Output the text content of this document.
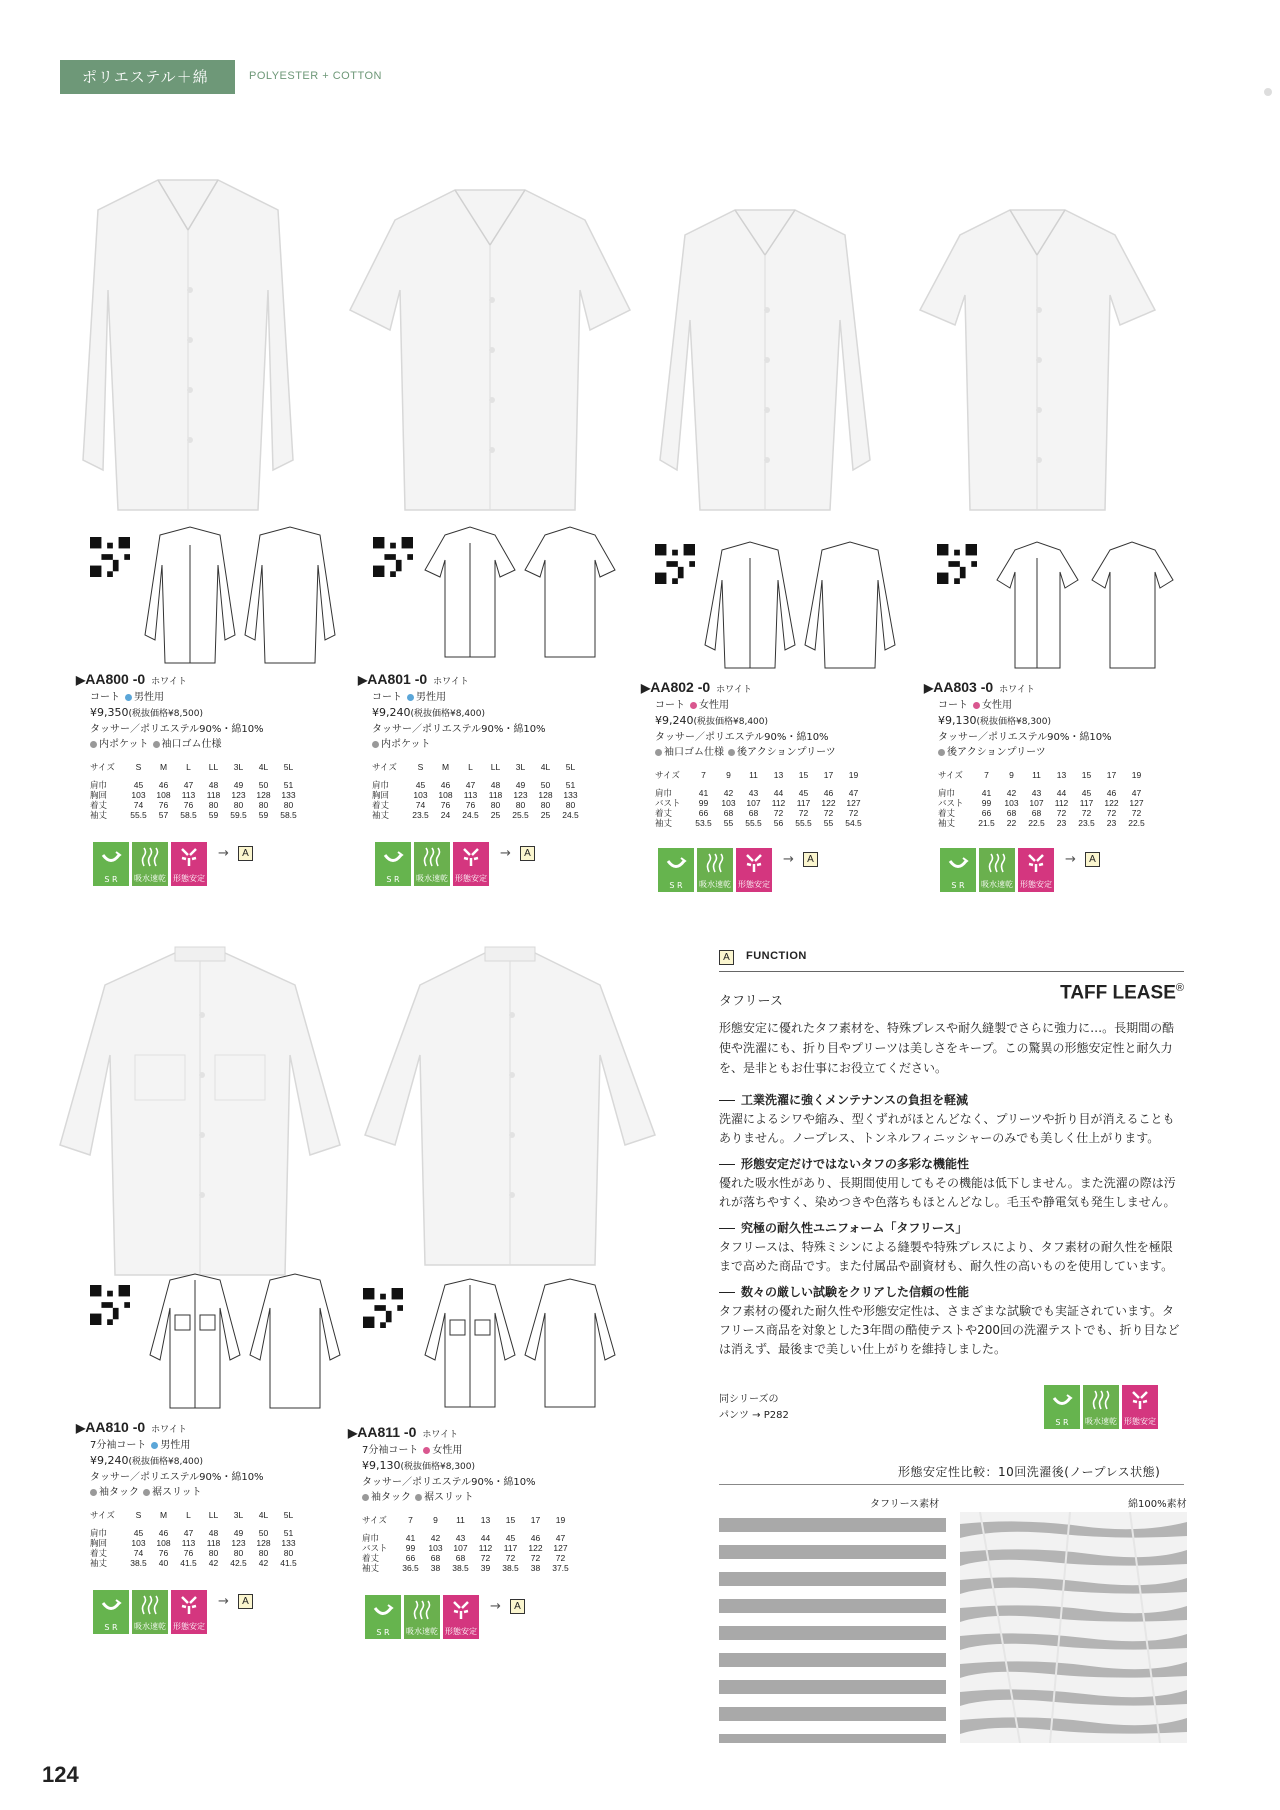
ポリエステル＋綿	POLYESTER + COTTON
▶AA800 -0 ホワイト
コート 男性用
¥9,350(税抜価格¥8,500)
タッサー／ポリエステル90%・綿10%
内ポケット 袖口ゴム仕様
サイズ	S	M	L	LL	3L	4L	5L
肩巾	45	46	47	48	49	50	51
胸回	103	108	113	118	123	128	133
着丈	74	76	76	80	80	80	80
袖丈	55.5	57	58.5	59	59.5	59	58.5
▶AA801 -0 ホワイト
コート 男性用
¥9,240(税抜価格¥8,400)
タッサー／ポリエステル90%・綿10%
内ポケット
サイズ	S	M	L	LL	3L	4L	5L
肩巾	45	46	47	48	49	50	51
胸回	103	108	113	118	123	128	133
着丈	74	76	76	80	80	80	80
袖丈	23.5	24	24.5	25	25.5	25	24.5
▶AA802 -0 ホワイト
コート 女性用
¥9,240(税抜価格¥8,400)
タッサー／ポリエステル90%・綿10%
袖口ゴム仕様 後アクションプリーツ
サイズ	7	9	11	13	15	17	19
肩巾	41	42	43	44	45	46	47
バスト	99	103	107	112	117	122	127
着丈	66	68	68	72	72	72	72
袖丈	53.5	55	55.5	56	55.5	55	54.5
▶AA803 -0 ホワイト
コート 女性用
¥9,130(税抜価格¥8,300)
タッサー／ポリエステル90%・綿10%
後アクションプリーツ
サイズ	7	9	11	13	15	17	19
肩巾	41	42	43	44	45	46	47
バスト	99	103	107	112	117	122	127
着丈	66	68	68	72	72	72	72
袖丈	21.5	22	22.5	23	23.5	23	22.5
▶AA810 -0 ホワイト
7分袖コート 男性用
¥9,240(税抜価格¥8,400)
タッサー／ポリエステル90%・綿10%
袖タック 裾スリット
サイズ	S	M	L	LL	3L	4L	5L
肩巾	45	46	47	48	49	50	51
胸回	103	108	113	118	123	128	133
着丈	74	76	76	80	80	80	80
袖丈	38.5	40	41.5	42	42.5	42	41.5
▶AA811 -0 ホワイト
7分袖コート 女性用
¥9,130(税抜価格¥8,300)
タッサー／ポリエステル90%・綿10%
袖タック 裾スリット
サイズ	7	9	11	13	15	17	19
肩巾	41	42	43	44	45	46	47
バスト	99	103	107	112	117	122	127
着丈	66	68	68	72	72	72	72
袖丈	36.5	38	38.5	39	38.5	38	37.5
S R	吸水速乾 形態安定
→	A
S R	吸水速乾 形態安定
→	A
S R	吸水速乾 形態安定
→	A
S R	吸水速乾 形態安定
→	A
S R	吸水速乾 形態安定
→	A
S R	吸水速乾 形態安定
→	A
A	FUNCTION
タフリース	TAFF LEASE®

形態安定に優れたタフ素材を、特殊プレスや耐久縫製でさらに強力に…。長期間の酷使や洗濯にも、折り目やプリーツは美しさをキープ。この驚異の形態安定性と耐久力を、是非ともお仕事にお役立てください。

工業洗濯に強くメンテナンスの負担を軽減

洗濯によるシワや縮み、型くずれがほとんどなく、プリーツや折り目が消えることもありません。ノープレス、トンネルフィニッシャーのみでも美しく仕上がります。

形態安定だけではないタフの多彩な機能性

優れた吸水性があり、長期間使用してもその機能は低下しません。また洗濯の際は汚れが落ちやすく、染めつきや色落ちもほとんどなし。毛玉や静電気も発生しません。

究極の耐久性ユニフォーム「タフリース」

タフリースは、特殊ミシンによる縫製や特殊プレスにより、タフ素材の耐久性を極限まで高めた商品です。また付属品や副資材も、耐久性の高いものを使用しています。

数々の厳しい試験をクリアした信頼の性能

タフ素材の優れた耐久性や形態安定性は、さまざまな試験でも実証されています。タフリース商品を対象とした3年間の酷使テストや200回の洗濯テストでも、折り目などは消えず、最後まで美しい仕上がりを維持しました。

同シリーズの
パンツ → P282
S R	吸水速乾 形態安定
形態安定性比較：10回洗濯後(ノープレス状態)
タフリース素材	綿100%素材
124
